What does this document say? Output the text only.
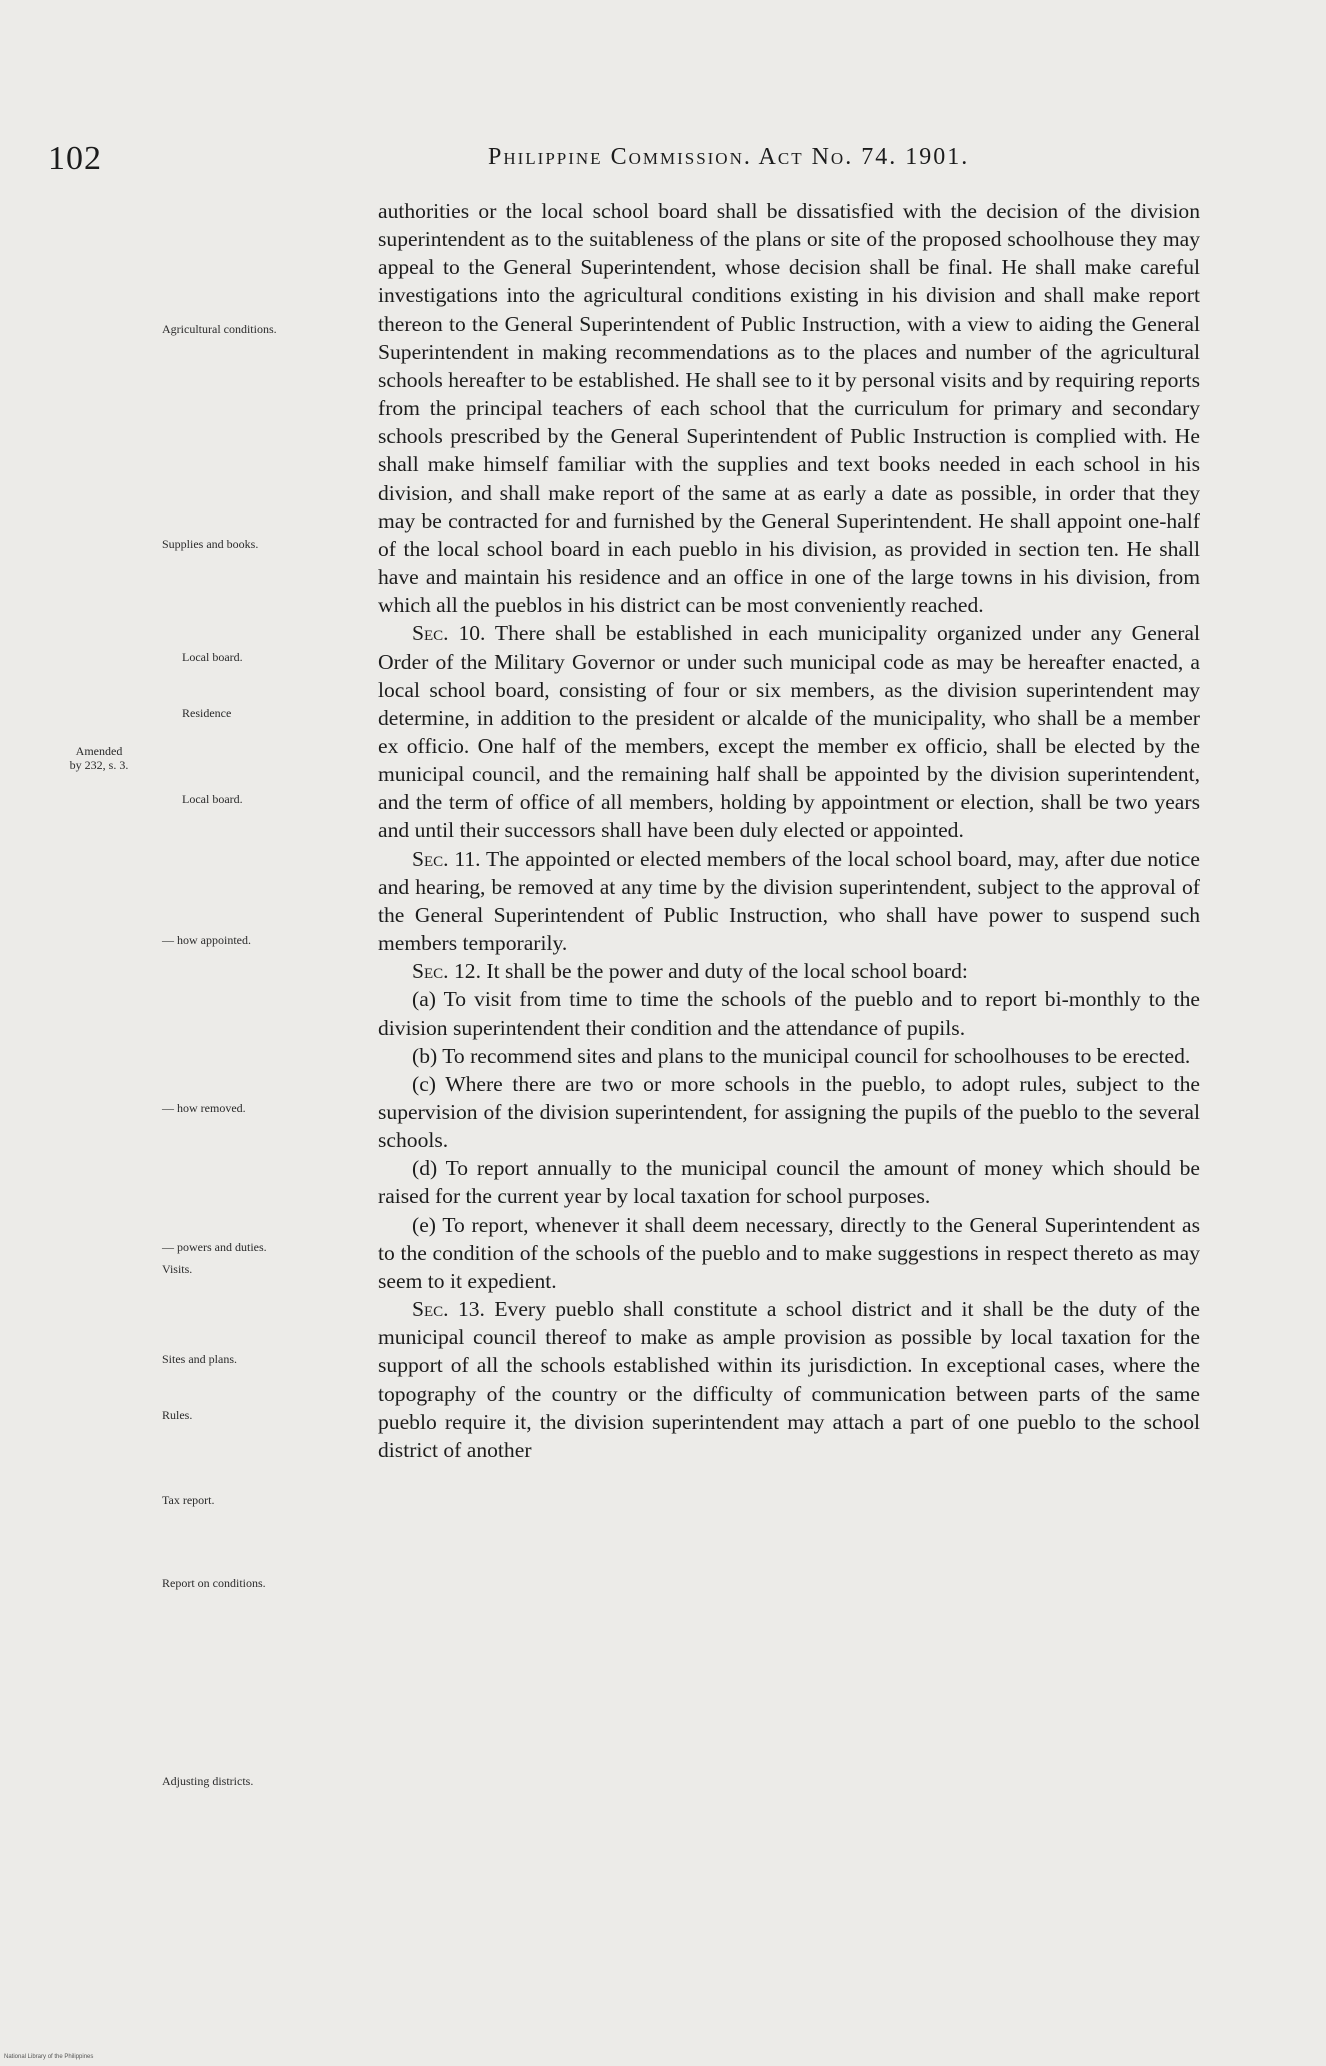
102	Philippine Commission. Act No. 74. 1901.
Agricultural conditions.
Supplies and books.
Local board.
Residence
Amended
by 232, s. 3.
Local board.
— how appointed.
— how removed.
— powers and duties.
Visits.
Sites and plans.
Rules.
Tax report.
Report on conditions.
Adjusting districts.

authorities or the local school board shall be dissatisfied with the decision of the division superintendent as to the suitableness of the plans or site of the proposed schoolhouse they may appeal to the General Superintendent, whose decision shall be final. He shall make careful investigations into the agricultural conditions existing in his division and shall make report thereon to the General Superintendent of Public Instruction, with a view to aiding the General Superintendent in making recommendations as to the places and number of the agricultural schools hereafter to be established. He shall see to it by personal visits and by requiring reports from the principal teachers of each school that the curriculum for primary and secondary schools prescribed by the General Superintendent of Public Instruction is complied with. He shall make himself familiar with the supplies and text books needed in each school in his division, and shall make report of the same at as early a date as possible, in order that they may be contracted for and furnished by the General Superintendent. He shall appoint one-half of the local school board in each pueblo in his division, as provided in section ten. He shall have and maintain his residence and an office in one of the large towns in his division, from which all the pueblos in his district can be most conveniently reached.

Sec. 10. There shall be established in each municipality organized under any General Order of the Military Governor or under such municipal code as may be hereafter enacted, a local school board, consisting of four or six members, as the division superintendent may determine, in addition to the president or alcalde of the municipality, who shall be a member ex officio. One half of the members, except the member ex officio, shall be elected by the municipal council, and the remaining half shall be appointed by the division superintendent, and the term of office of all members, holding by appointment or election, shall be two years and until their successors shall have been duly elected or appointed.

Sec. 11. The appointed or elected members of the local school board, may, after due notice and hearing, be removed at any time by the division superintendent, subject to the approval of the General Superintendent of Public Instruction, who shall have power to suspend such members temporarily.

Sec. 12. It shall be the power and duty of the local school board:

(a) To visit from time to time the schools of the pueblo and to report bi-monthly to the division superintendent their condition and the attendance of pupils.

(b) To recommend sites and plans to the municipal council for schoolhouses to be erected.

(c) Where there are two or more schools in the pueblo, to adopt rules, subject to the supervision of the division superintendent, for assigning the pupils of the pueblo to the several schools.

(d) To report annually to the municipal council the amount of money which should be raised for the current year by local taxation for school purposes.

(e) To report, whenever it shall deem necessary, directly to the General Superintendent as to the condition of the schools of the pueblo and to make suggestions in respect thereto as may seem to it expedient.

Sec. 13. Every pueblo shall constitute a school district and it shall be the duty of the municipal council thereof to make as ample provision as possible by local taxation for the support of all the schools established within its jurisdiction. In exceptional cases, where the topography of the country or the difficulty of communication between parts of the same pueblo require it, the division superintendent may attach a part of one pueblo to the school district of another

National Library of the Philippines
